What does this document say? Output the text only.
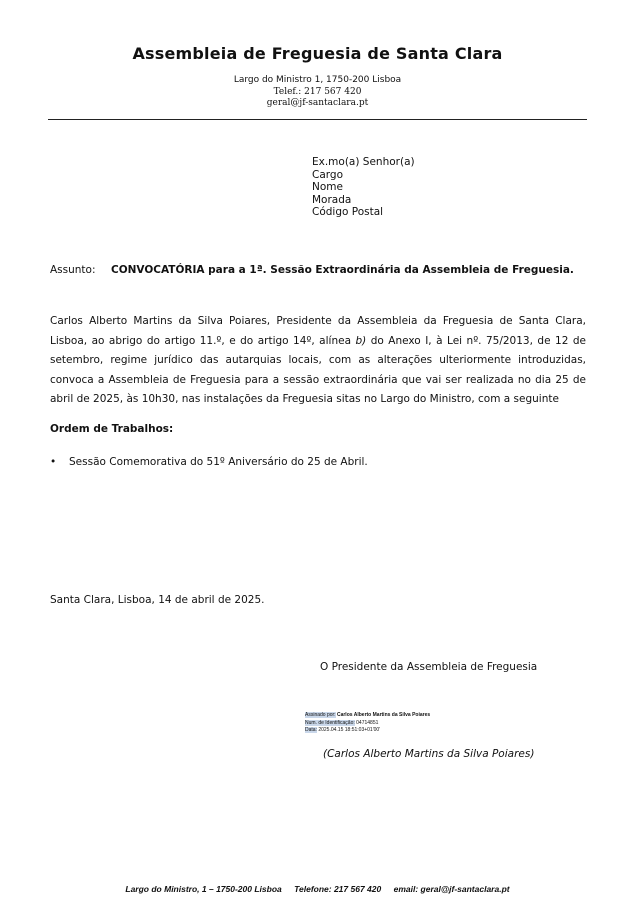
Assembleia de Freguesia de Santa Clara
Largo do Ministro 1, 1750-200 Lisboa
Telef.: 217 567 420
geral@jf-santaclara.pt
Ex.mo(a) Senhor(a)
Cargo
Nome
Morada
Código Postal
Assunto: CONVOCATÓRIA para a 1ª. Sessão Extraordinária da Assembleia de Freguesia.
Carlos Alberto Martins da Silva Poiares, Presidente da Assembleia da Freguesia de Santa Clara, Lisboa, ao abrigo do artigo 11.º, e do artigo 14º, alínea b) do Anexo I, à Lei nº. 75/2013, de 12 de setembro, regime jurídico das autarquias locais, com as alterações ulteriormente introduzidas, convoca a Assembleia de Freguesia para a sessão extraordinária que vai ser realizada no dia 25 de abril de 2025, às 10h30, nas instalações da Freguesia sitas no Largo do Ministro, com a seguinte
Ordem de Trabalhos:
• Sessão Comemorativa do 51º Aniversário do 25 de Abril.
Santa Clara, Lisboa, 14 de abril de 2025.
O Presidente da Assembleia de Freguesia
Assinado por: Carlos Alberto Martins da Silva Poiares
Num. de Identificação: 04714851
Data: 2025.04.15 18:51:03+01'00'
(Carlos Alberto Martins da Silva Poiares)
Largo do Ministro, 1 – 1750-200 Lisboa Telefone: 217 567 420 email: geral@jf-santaclara.pt
